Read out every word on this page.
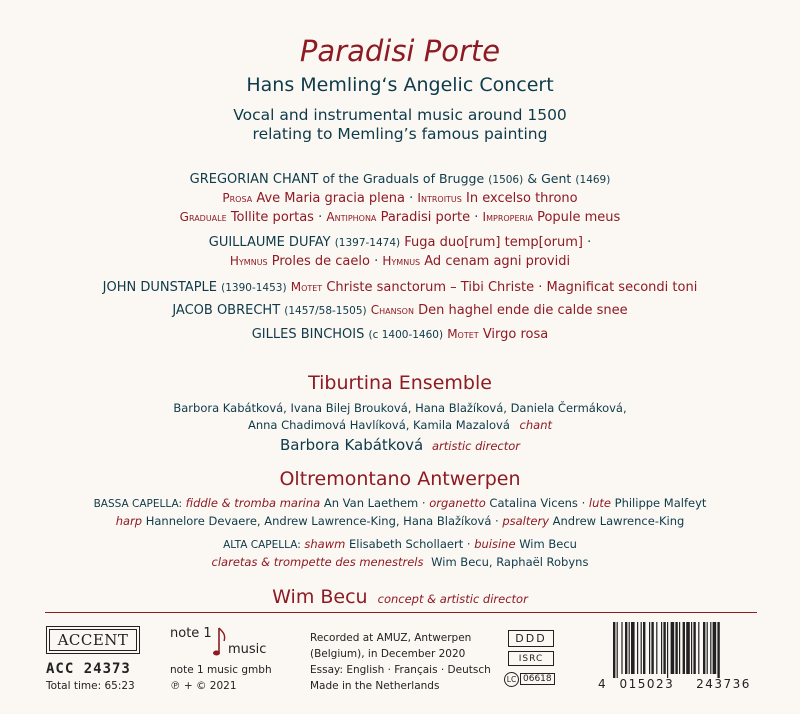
Paradisi Porte
Hans Memling‘s Angelic Concert
Vocal and instrumental music around 1500
relating to Memling’s famous painting
GREGORIAN CHANT of the Graduals of Brugge (1506) & Gent (1469)
Prosa Ave Maria gracia plena · Introitus In excelso throno
Graduale Tollite portas · Antiphona Paradisi porte · Improperia Popule meus
GUILLAUME DUFAY (1397-1474) Fuga duo[rum] temp[orum] ·
Hymnus Proles de caelo · Hymnus Ad cenam agni providi
JOHN DUNSTAPLE (1390-1453) Motet Christe sanctorum – Tibi Christe · Magnificat secondi toni
JACOB OBRECHT (1457/58-1505) Chanson Den haghel ende die calde snee
GILLES BINCHOIS (c 1400-1460) Motet Virgo rosa
Tiburtina Ensemble
Barbora Kabátková, Ivana Bilej Brouková, Hana Blažíková, Daniela Čermáková,
Anna Chadimová Havlíková, Kamila Mazalová chant
Barbora Kabátková artistic director
Oltremontano Antwerpen
BASSA CAPELLA: fiddle & tromba marina An Van Laethem · organetto Catalina Vicens · lute Philippe Malfeyt
harp Hannelore Devaere, Andrew Lawrence-King, Hana Blažíková · psaltery Andrew Lawrence-King
ALTA CAPELLA: shawm Elisabeth Schollaert · buisine Wim Becu
claretas & trompette des menestrels Wim Becu, Raphaël Robyns
Wim Becu concept & artistic director
ACCENT
ACC 24373
Total time: 65:23
note 1
music
note 1 music gmbh
℗ + © 2021
Recorded at AMUZ, Antwerpen
(Belgium), in December 2020
Essay: English · Français · Deutsch
Made in the Netherlands
DDD
ISRC
LC 06618	4 015023 243736
